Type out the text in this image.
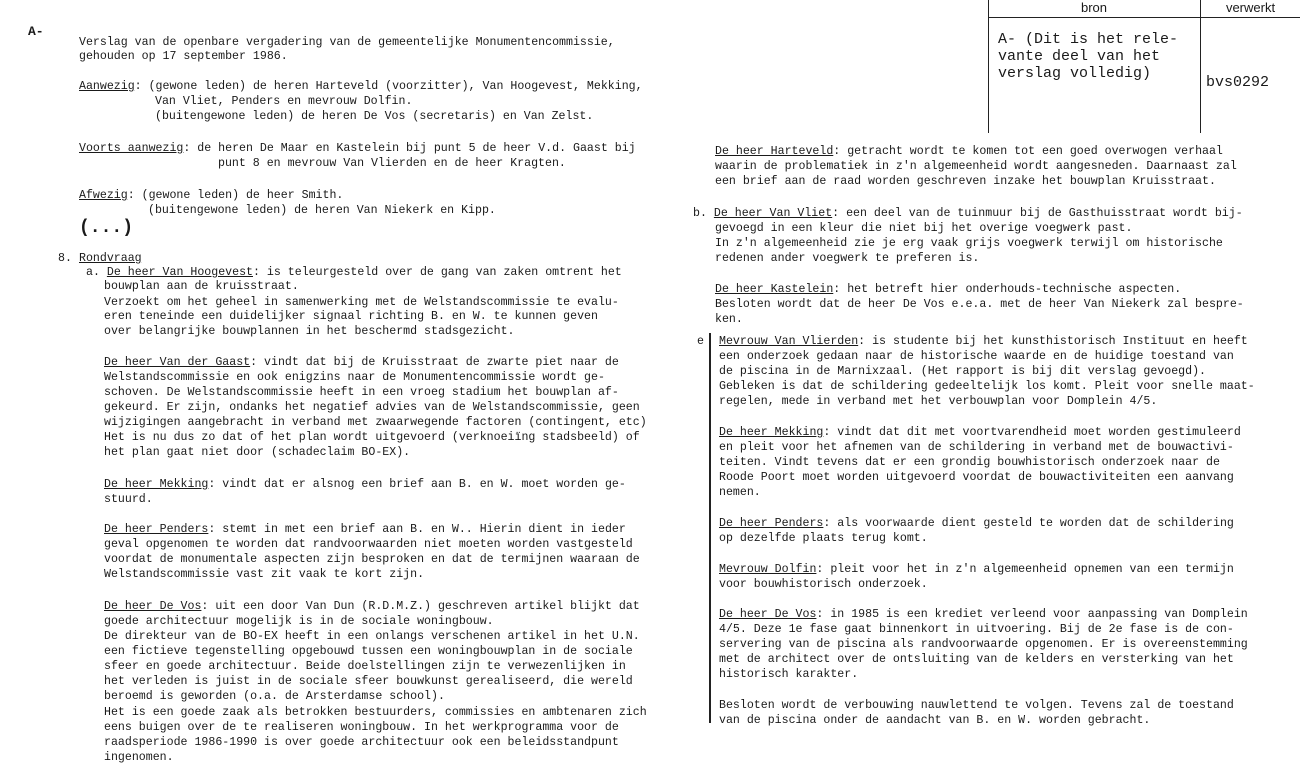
A-
bron	verwerkt
A- (Dit is het rele-
vante deel van het
verslag volledig)
bvs0292
Verslag van de openbare vergadering van de gemeentelijke Monumentencommissie,
gehouden op 17 september 1986.
Aanwezig: (gewone leden) de heren Harteveld (voorzitter), Van Hoogevest, Mekking,
Van Vliet, Penders en mevrouw Dolfin.
(buitengewone leden) de heren De Vos (secretaris) en Van Zelst.
Voorts aanwezig: de heren De Maar en Kastelein bij punt 5 de heer V.d. Gaast bij
punt 8 en mevrouw Van Vlierden en de heer Kragten.
Afwezig: (gewone leden) de heer Smith.
(buitengewone leden) de heren Van Niekerk en Kipp.
(...)
8. Rondvraag
a. De heer Van Hoogevest: is teleurgesteld over de gang van zaken omtrent het
bouwplan aan de kruisstraat.
Verzoekt om het geheel in samenwerking met de Welstandscommissie te evalu-
eren teneinde een duidelijker signaal richting B. en W. te kunnen geven
over belangrijke bouwplannen in het beschermd stadsgezicht.
De heer Van der Gaast: vindt dat bij de Kruisstraat de zwarte piet naar de
Welstandscommissie en ook enigzins naar de Monumentencommissie wordt ge-
schoven. De Welstandscommissie heeft in een vroeg stadium het bouwplan af-
gekeurd. Er zijn, ondanks het negatief advies van de Welstandscommissie, geen
wijzigingen aangebracht in verband met zwaarwegende factoren (contingent, etc)
Het is nu dus zo dat of het plan wordt uitgevoerd (verknoeiïng stadsbeeld) of
het plan gaat niet door (schadeclaim BO-EX).
De heer Mekking: vindt dat er alsnog een brief aan B. en W. moet worden ge-
stuurd.
De heer Penders: stemt in met een brief aan B. en W.. Hierin dient in ieder
geval opgenomen te worden dat randvoorwaarden niet moeten worden vastgesteld
voordat de monumentale aspecten zijn besproken en dat de termijnen waaraan de
Welstandscommissie vast zit vaak te kort zijn.
De heer De Vos: uit een door Van Dun (R.D.M.Z.) geschreven artikel blijkt dat
goede architectuur mogelijk is in de sociale woningbouw.
De direkteur van de BO-EX heeft in een onlangs verschenen artikel in het U.N.
een fictieve tegenstelling opgebouwd tussen een woningbouwplan in de sociale
sfeer en goede architectuur. Beide doelstellingen zijn te verwezenlijken in
het verleden is juist in de sociale sfeer bouwkunst gerealiseerd, die wereld
beroemd is geworden (o.a. de Arsterdamse school).
Het is een goede zaak als betrokken bestuurders, commissies en ambtenaren zich
eens buigen over de te realiseren woningbouw. In het werkprogramma voor de
raadsperiode 1986-1990 is over goede architectuur ook een beleidsstandpunt
ingenomen.
De heer Harteveld: getracht wordt te komen tot een goed overwogen verhaal
waarin de problematiek in z'n algemeenheid wordt aangesneden. Daarnaast zal
een brief aan de raad worden geschreven inzake het bouwplan Kruisstraat.
b. De heer Van Vliet: een deel van de tuinmuur bij de Gasthuisstraat wordt bij-
gevoegd in een kleur die niet bij het overige voegwerk past.
In z'n algemeenheid zie je erg vaak grijs voegwerk terwijl om historische
redenen ander voegwerk te preferen is.
De heer Kastelein: het betreft hier onderhouds-technische aspecten.
Besloten wordt dat de heer De Vos e.e.a. met de heer Van Niekerk zal bespre-
ken.
e Mevrouw Van Vlierden: is studente bij het kunsthistorisch Instituut en heeft
een onderzoek gedaan naar de historische waarde en de huidige toestand van
de piscina in de Marnixzaal. (Het rapport is bij dit verslag gevoegd).
Gebleken is dat de schildering gedeeltelijk los komt. Pleit voor snelle maat-
regelen, mede in verband met het verbouwplan voor Domplein 4/5.
De heer Mekking: vindt dat dit met voortvarendheid moet worden gestimuleerd
en pleit voor het afnemen van de schildering in verband met de bouwactivi-
teiten. Vindt tevens dat er een grondig bouwhistorisch onderzoek naar de
Roode Poort moet worden uitgevoerd voordat de bouwactiviteiten een aanvang
nemen.
De heer Penders: als voorwaarde dient gesteld te worden dat de schildering
op dezelfde plaats terug komt.
Mevrouw Dolfin: pleit voor het in z'n algemeenheid opnemen van een termijn
voor bouwhistorisch onderzoek.
De heer De Vos: in 1985 is een krediet verleend voor aanpassing van Domplein
4/5. Deze 1e fase gaat binnenkort in uitvoering. Bij de 2e fase is de con-
servering van de piscina als randvoorwaarde opgenomen. Er is overeenstemming
met de architect over de ontsluiting van de kelders en versterking van het
historisch karakter.
Besloten wordt de verbouwing nauwlettend te volgen. Tevens zal de toestand
van de piscina onder de aandacht van B. en W. worden gebracht.
